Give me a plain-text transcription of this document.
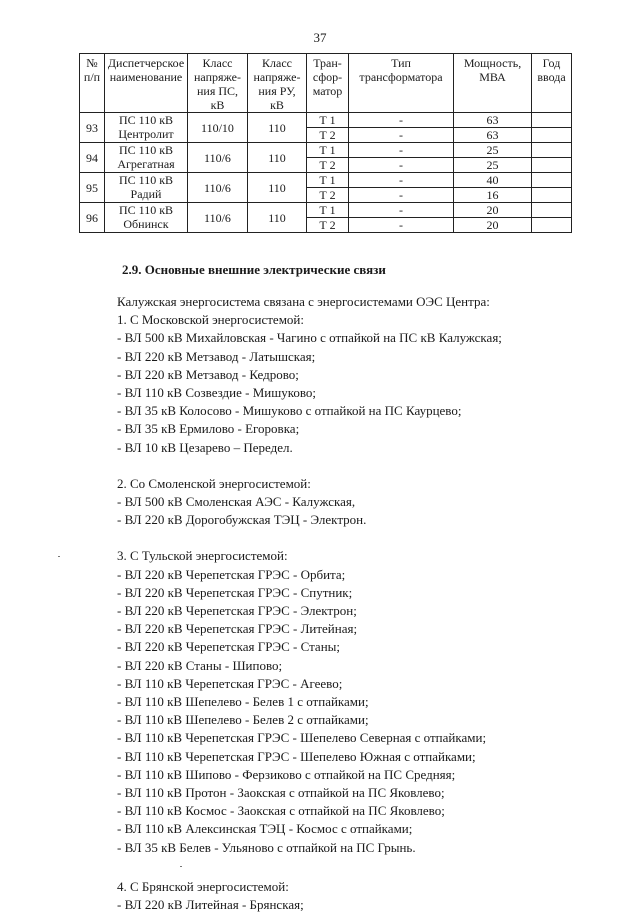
37
№ п/п	Диспетчерское наименование	Класс напряже-ния ПС, кВ	Класс напряже-ния РУ, кВ	Тран-сфор-матор	Тип трансформатора	Мощность, МВА	Год ввода
93	ПС 110 кВ Центролит	110/10	110	Т 1	-	63	
				Т 2	-	63	
94	ПС 110 кВ Агрегатная	110/6	110	Т 1	-	25	
				Т 2	-	25	
95	ПС 110 кВ Радий	110/6	110	Т 1	-	40	
				Т 2	-	16	
96	ПС 110 кВ Обнинск	110/6	110	Т 1	-	20	
				Т 2	-	20	
2.9. Основные внешние электрические связи
Калужская энергосистема связана с энергосистемами ОЭС Центра:
1. С Московской энергосистемой:
- ВЛ 500 кВ Михайловская - Чагино с отпайкой на ПС кВ Калужская;
- ВЛ 220 кВ Метзавод - Латышская;
- ВЛ 220 кВ Метзавод - Кедрово;
- ВЛ 110 кВ Созвездие - Мишуково;
- ВЛ 35 кВ Колосово - Мишуково с отпайкой на ПС Каурцево;
- ВЛ 35 кВ Ермилово - Егоровка;
- ВЛ 10 кВ Цезарево – Передел.
2. Со Смоленской энергосистемой:
- ВЛ 500 кВ Смоленская АЭС - Калужская,
- ВЛ 220 кВ Дорогобужская ТЭЦ - Электрон.
3. С Тульской энергосистемой:
- ВЛ 220 кВ Черепетская ГРЭС - Орбита;
- ВЛ 220 кВ Черепетская ГРЭС - Спутник;
- ВЛ 220 кВ Черепетская ГРЭС - Электрон;
- ВЛ 220 кВ Черепетская ГРЭС - Литейная;
- ВЛ 220 кВ Черепетская ГРЭС - Станы;
- ВЛ 220 кВ Станы - Шипово;
- ВЛ 110 кВ Черепетская ГРЭС - Агеево;
- ВЛ 110 кВ Шепелево - Белев 1 с отпайками;
- ВЛ 110 кВ Шепелево - Белев 2 с отпайками;
- ВЛ 110 кВ Черепетская ГРЭС - Шепелево Северная с отпайками;
- ВЛ 110 кВ Черепетская ГРЭС - Шепелево Южная с отпайками;
- ВЛ 110 кВ Шипово - Ферзиково с отпайкой на ПС Средняя;
- ВЛ 110 кВ Протон - Заокская с отпайкой на ПС Яковлево;
- ВЛ 110 кВ Космос - Заокская с отпайкой на ПС Яковлево;
- ВЛ 110 кВ Алексинская ТЭЦ - Космос с отпайками;
- ВЛ 35 кВ Белев - Ульяново с отпайкой на ПС Грынь.
4. С Брянской энергосистемой:
- ВЛ 220 кВ Литейная - Брянская;
